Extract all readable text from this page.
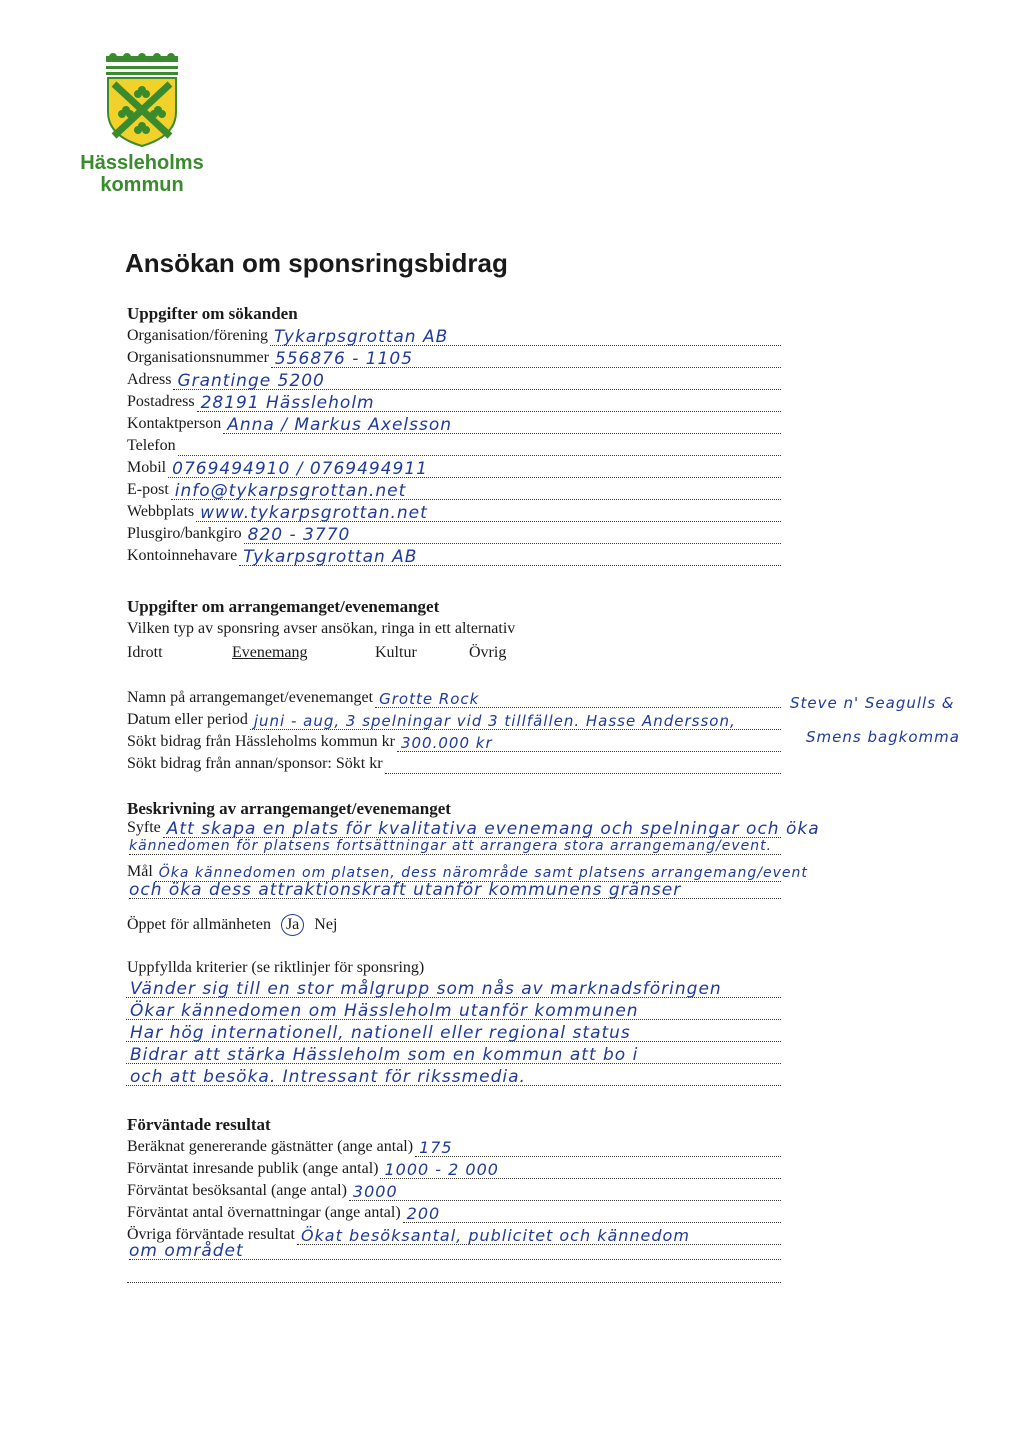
Hässleholms
kommun
Ansökan om sponsringsbidrag
Uppgifter om sökanden
Organisation/förening Tykarpsgrottan AB
Organisationsnummer 556876 - 1105
Adress Grantinge 5200
Postadress 28191 Hässleholm
Kontaktperson Anna / Markus Axelsson
Telefon
Mobil 0769494910 / 0769494911
E-post info@tykarpsgrottan.net
Webbplats www.tykarpsgrottan.net
Plusgiro/bankgiro 820 - 3770
Kontoinnehavare Tykarpsgrottan AB
Uppgifter om arrangemanget/evenemanget
Vilken typ av sponsring avser ansökan, ringa in ett alternativ
Idrott	Evenemang	Kultur	Övrig
Namn på arrangemanget/evenemanget Grotte Rock
Datum eller period juni - aug, 3 spelningar vid 3 tillfällen. Hasse Andersson,
Sökt bidrag från Hässleholms kommun kr 300.000 kr
Sökt bidrag från annan/sponsor: Sökt kr
Steve n' Seagulls &
Smens bagkomma
Beskrivning av arrangemanget/evenemanget
Syfte Att skapa en plats för kvalitativa evenemang och spelningar och öka
kännedomen för platsens fortsättningar att arrangera stora arrangemang/event.
Mål Öka kännedomen om platsen, dess närområde samt platsens arrangemang/event
och öka dess attraktionskraft utanför kommunens gränser
Öppet för allmänheten Ja Nej
Uppfyllda kriterier (se riktlinjer för sponsring)
Vänder sig till en stor målgrupp som nås av marknadsföringen
Ökar kännedomen om Hässleholm utanför kommunen
Har hög internationell, nationell eller regional status
Bidrar att stärka Hässleholm som en kommun att bo i
och att besöka. Intressant för rikssmedia.
Förväntade resultat
Beräknat genererande gästnätter (ange antal) 175
Förväntat inresande publik (ange antal) 1000 - 2 000
Förväntat besöksantal (ange antal) 3000
Förväntat antal övernattningar (ange antal) 200
Övriga förväntade resultat Ökat besöksantal, publicitet och kännedom
om området
